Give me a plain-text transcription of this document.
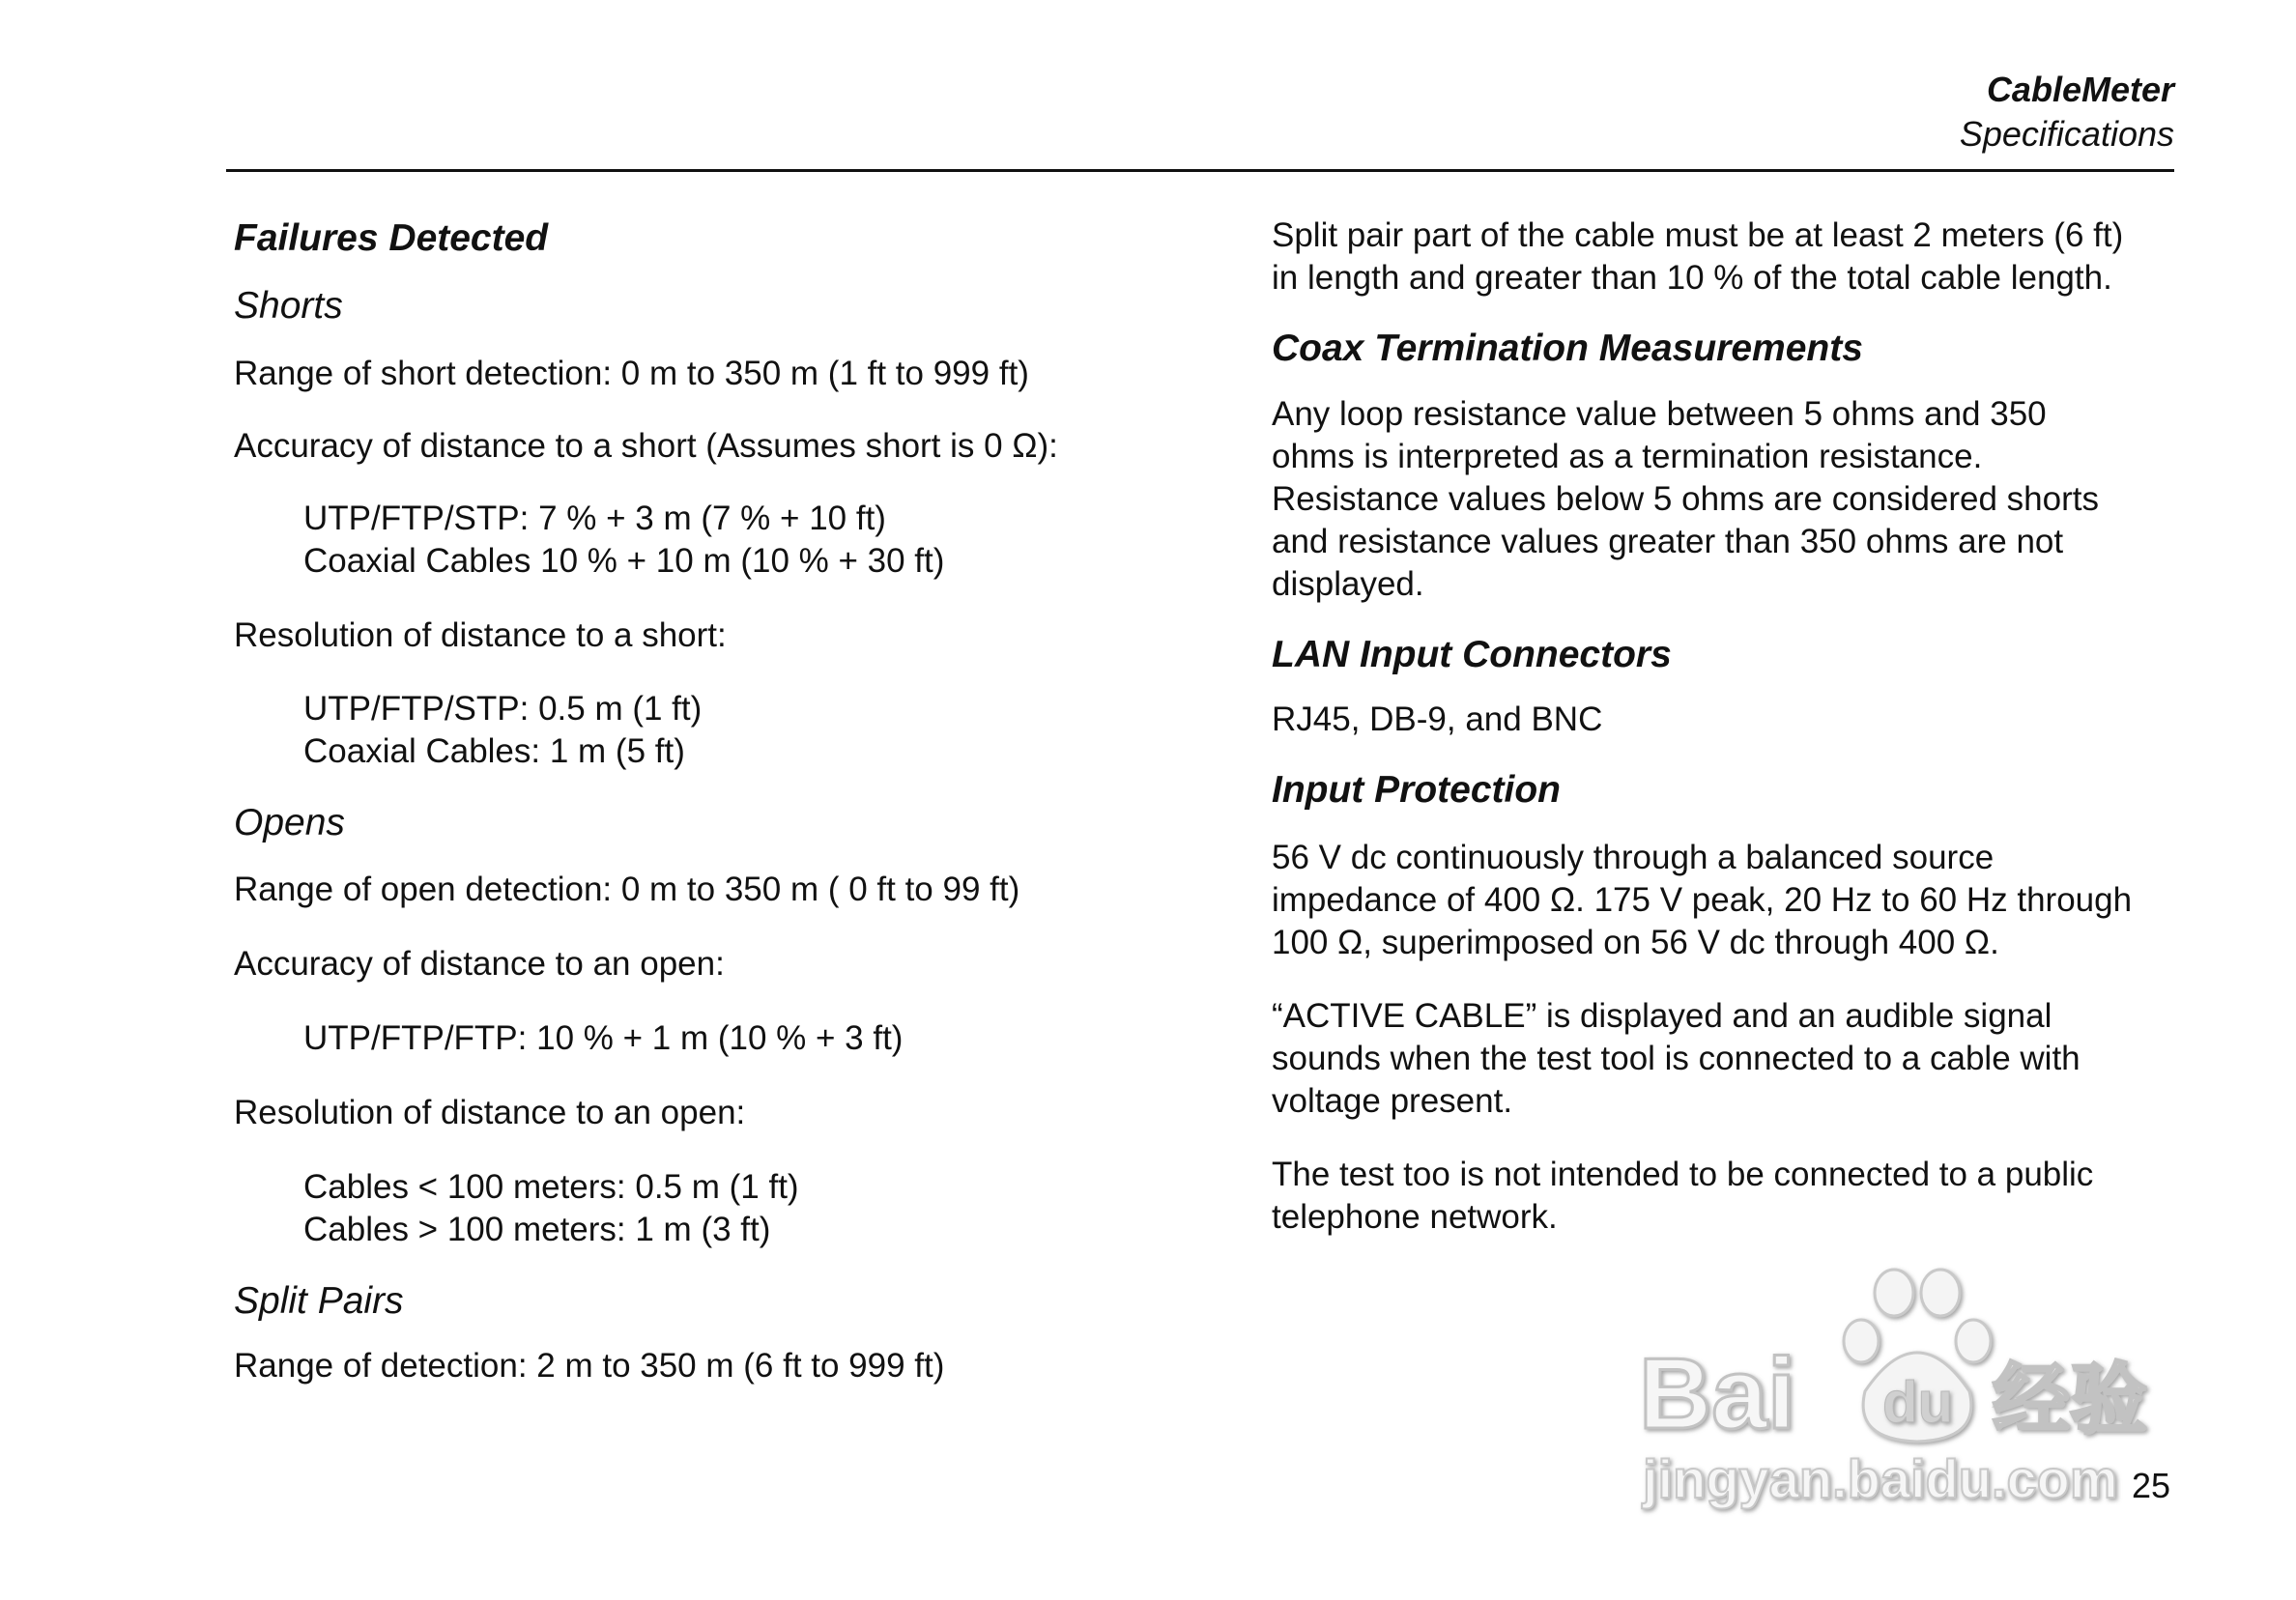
CableMeter
Specifications
Failures Detected
Shorts
Range of short detection: 0 m to 350 m (1 ft to 999 ft)
Accuracy of distance to a short (Assumes short is 0 Ω):
UTP/FTP/STP: 7 % + 3 m (7 % + 10 ft)
Coaxial Cables 10 % + 10 m (10 % + 30 ft)
Resolution of distance to a short:
UTP/FTP/STP: 0.5 m (1 ft)
Coaxial Cables: 1 m (5 ft)
Opens
Range of open detection: 0 m to 350 m ( 0 ft to 99 ft)
Accuracy of distance to an open:
UTP/FTP/FTP: 10 % + 1 m (10 % + 3 ft)
Resolution of distance to an open:
Cables < 100 meters: 0.5 m (1 ft)
Cables > 100 meters: 1 m (3 ft)
Split Pairs
Range of detection: 2 m to 350 m (6 ft to 999 ft)
Split pair part of the cable must be at least 2 meters (6 ft)
in length and greater than 10 % of the total cable length.
Coax Termination Measurements
Any loop resistance value between 5 ohms and 350
ohms is interpreted as a termination resistance.
Resistance values below 5 ohms are considered shorts
and resistance values greater than 350 ohms are not
displayed.
LAN Input Connectors
RJ45, DB-9, and BNC
Input Protection
56 V dc continuously through a balanced source
impedance of 400 Ω. 175 V peak, 20 Hz to 60 Hz through
100 Ω, superimposed on 56 V dc through 400 Ω.
“ACTIVE CABLE” is displayed and an audible signal
sounds when the test tool is connected to a cable with
voltage present.
The test too is not intended to be connected to a public
telephone network.
Bai du 经验
jingyan.baidu.com 25
